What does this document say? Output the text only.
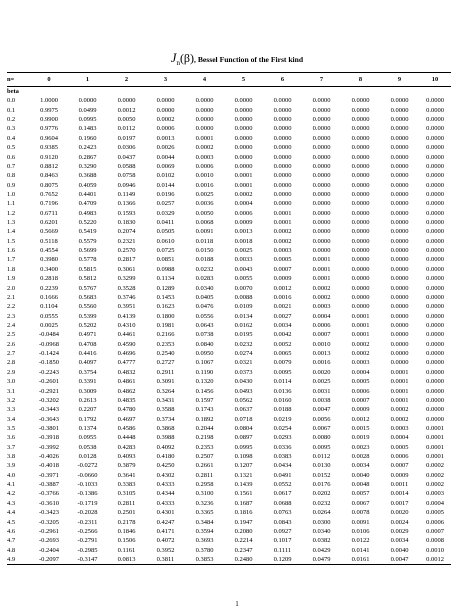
$J_n(\beta)$, Bessel Function of the First kind
n=	0	1	2	3	4	5	6	7	8	9	10
beta											
0.0	1.0000	0.0000	0.0000	0.0000	0.0000	0.0000	0.0000	0.0000	0.0000	0.0000	0.0000
0.1	0.9975	0.0499	0.0012	0.0000	0.0000	0.0000	0.0000	0.0000	0.0000	0.0000	0.0000
0.2	0.9900	0.0995	0.0050	0.0002	0.0000	0.0000	0.0000	0.0000	0.0000	0.0000	0.0000
0.3	0.9776	0.1483	0.0112	0.0006	0.0000	0.0000	0.0000	0.0000	0.0000	0.0000	0.0000
0.4	0.9604	0.1960	0.0197	0.0013	0.0001	0.0000	0.0000	0.0000	0.0000	0.0000	0.0000
0.5	0.9385	0.2423	0.0306	0.0026	0.0002	0.0000	0.0000	0.0000	0.0000	0.0000	0.0000
0.6	0.9120	0.2867	0.0437	0.0044	0.0003	0.0000	0.0000	0.0000	0.0000	0.0000	0.0000
0.7	0.8812	0.3290	0.0588	0.0069	0.0006	0.0000	0.0000	0.0000	0.0000	0.0000	0.0000
0.8	0.8463	0.3688	0.0758	0.0102	0.0010	0.0001	0.0000	0.0000	0.0000	0.0000	0.0000
0.9	0.8075	0.4059	0.0946	0.0144	0.0016	0.0001	0.0000	0.0000	0.0000	0.0000	0.0000
1.0	0.7652	0.4401	0.1149	0.0196	0.0025	0.0002	0.0000	0.0000	0.0000	0.0000	0.0000
1.1	0.7196	0.4709	0.1366	0.0257	0.0036	0.0004	0.0000	0.0000	0.0000	0.0000	0.0000
1.2	0.6711	0.4983	0.1593	0.0329	0.0050	0.0006	0.0001	0.0000	0.0000	0.0000	0.0000
1.3	0.6201	0.5220	0.1830	0.0411	0.0068	0.0009	0.0001	0.0000	0.0000	0.0000	0.0000
1.4	0.5669	0.5419	0.2074	0.0505	0.0091	0.0013	0.0002	0.0000	0.0000	0.0000	0.0000
1.5	0.5118	0.5579	0.2321	0.0610	0.0118	0.0018	0.0002	0.0000	0.0000	0.0000	0.0000
1.6	0.4554	0.5699	0.2570	0.0725	0.0150	0.0025	0.0003	0.0000	0.0000	0.0000	0.0000
1.7	0.3980	0.5778	0.2817	0.0851	0.0188	0.0033	0.0005	0.0001	0.0000	0.0000	0.0000
1.8	0.3400	0.5815	0.3061	0.0988	0.0232	0.0043	0.0007	0.0001	0.0000	0.0000	0.0000
1.9	0.2818	0.5812	0.3299	0.1134	0.0283	0.0055	0.0009	0.0001	0.0000	0.0000	0.0000
2.0	0.2239	0.5767	0.3528	0.1289	0.0340	0.0070	0.0012	0.0002	0.0000	0.0000	0.0000
2.1	0.1666	0.5683	0.3746	0.1453	0.0405	0.0088	0.0016	0.0002	0.0000	0.0000	0.0000
2.2	0.1104	0.5560	0.3951	0.1623	0.0476	0.0109	0.0021	0.0003	0.0000	0.0000	0.0000
2.3	0.0555	0.5399	0.4139	0.1800	0.0556	0.0134	0.0027	0.0004	0.0001	0.0000	0.0000
2.4	0.0025	0.5202	0.4310	0.1981	0.0643	0.0162	0.0034	0.0006	0.0001	0.0000	0.0000
2.5	-0.0484	0.4971	0.4461	0.2166	0.0738	0.0195	0.0042	0.0007	0.0001	0.0000	0.0000
2.6	-0.0968	0.4708	0.4590	0.2353	0.0840	0.0232	0.0052	0.0010	0.0002	0.0000	0.0000
2.7	-0.1424	0.4416	0.4696	0.2540	0.0950	0.0274	0.0065	0.0013	0.0002	0.0000	0.0000
2.8	-0.1850	0.4097	0.4777	0.2727	0.1067	0.0321	0.0079	0.0016	0.0003	0.0000	0.0000
2.9	-0.2243	0.3754	0.4832	0.2911	0.1190	0.0373	0.0095	0.0020	0.0004	0.0001	0.0000
3.0	-0.2601	0.3391	0.4861	0.3091	0.1320	0.0430	0.0114	0.0025	0.0005	0.0001	0.0000
3.1	-0.2921	0.3009	0.4862	0.3264	0.1456	0.0493	0.0136	0.0031	0.0006	0.0001	0.0000
3.2	-0.3202	0.2613	0.4835	0.3431	0.1597	0.0562	0.0160	0.0038	0.0007	0.0001	0.0000
3.3	-0.3443	0.2207	0.4780	0.3588	0.1743	0.0637	0.0188	0.0047	0.0009	0.0002	0.0000
3.4	-0.3643	0.1792	0.4697	0.3734	0.1892	0.0718	0.0219	0.0056	0.0012	0.0002	0.0000
3.5	-0.3801	0.1374	0.4586	0.3868	0.2044	0.0804	0.0254	0.0067	0.0015	0.0003	0.0001
3.6	-0.3918	0.0955	0.4448	0.3988	0.2198	0.0897	0.0293	0.0080	0.0019	0.0004	0.0001
3.7	-0.3992	0.0538	0.4283	0.4092	0.2353	0.0995	0.0336	0.0095	0.0023	0.0005	0.0001
3.8	-0.4026	0.0128	0.4093	0.4180	0.2507	0.1098	0.0383	0.0112	0.0028	0.0006	0.0001
3.9	-0.4018	-0.0272	0.3879	0.4250	0.2661	0.1207	0.0434	0.0130	0.0034	0.0007	0.0002
4.0	-0.3971	-0.0660	0.3641	0.4302	0.2811	0.1321	0.0491	0.0152	0.0040	0.0009	0.0002
4.1	-0.3887	-0.1033	0.3383	0.4333	0.2958	0.1439	0.0552	0.0176	0.0048	0.0011	0.0002
4.2	-0.3766	-0.1386	0.3105	0.4344	0.3100	0.1561	0.0617	0.0202	0.0057	0.0014	0.0003
4.3	-0.3610	-0.1719	0.2811	0.4333	0.3236	0.1687	0.0688	0.0232	0.0067	0.0017	0.0004
4.4	-0.3423	-0.2028	0.2501	0.4301	0.3365	0.1816	0.0763	0.0264	0.0078	0.0020	0.0005
4.5	-0.3205	-0.2311	0.2178	0.4247	0.3484	0.1947	0.0843	0.0300	0.0091	0.0024	0.0006
4.6	-0.2961	-0.2566	0.1846	0.4171	0.3594	0.2080	0.0927	0.0340	0.0106	0.0029	0.0007
4.7	-0.2693	-0.2791	0.1506	0.4072	0.3693	0.2214	0.1017	0.0382	0.0122	0.0034	0.0008
4.8	-0.2404	-0.2985	0.1161	0.3952	0.3780	0.2347	0.1111	0.0429	0.0141	0.0040	0.0010
4.9	-0.2097	-0.3147	0.0813	0.3811	0.3853	0.2480	0.1209	0.0479	0.0161	0.0047	0.0012
1
